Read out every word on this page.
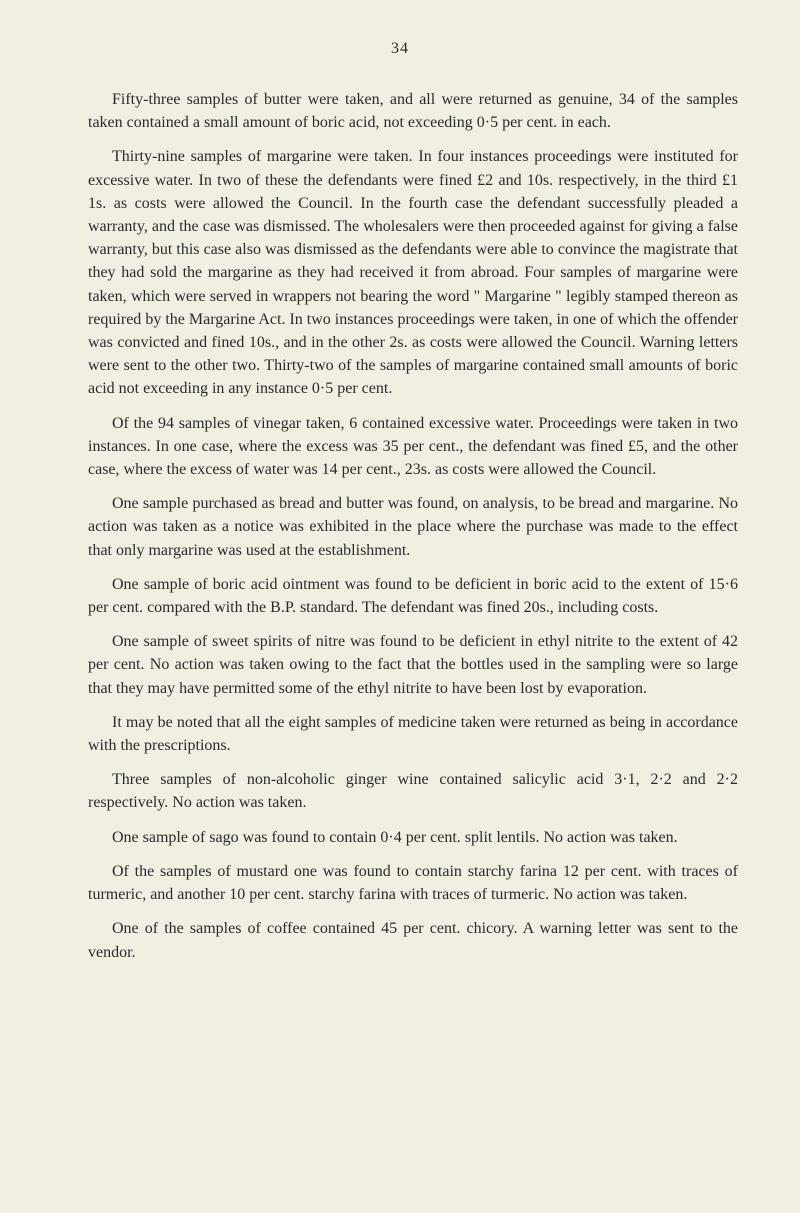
34

Fifty-three samples of butter were taken, and all were returned as genuine, 34 of the samples taken contained a small amount of boric acid, not exceeding 0·5 per cent. in each.

Thirty-nine samples of margarine were taken. In four instances proceedings were instituted for excessive water. In two of these the defendants were fined £2 and 10s. respectively, in the third £1 1s. as costs were allowed the Council. In the fourth case the defendant successfully pleaded a warranty, and the case was dismissed. The wholesalers were then proceeded against for giving a false warranty, but this case also was dismissed as the defendants were able to convince the magistrate that they had sold the margarine as they had received it from abroad. Four samples of margarine were taken, which were served in wrappers not bearing the word " Margarine " legibly stamped thereon as required by the Margarine Act. In two instances proceedings were taken, in one of which the offender was convicted and fined 10s., and in the other 2s. as costs were allowed the Council. Warning letters were sent to the other two. Thirty-two of the samples of margarine contained small amounts of boric acid not exceeding in any instance 0·5 per cent.

Of the 94 samples of vinegar taken, 6 contained excessive water. Proceedings were taken in two instances. In one case, where the excess was 35 per cent., the defendant was fined £5, and the other case, where the excess of water was 14 per cent., 23s. as costs were allowed the Council.

One sample purchased as bread and butter was found, on analysis, to be bread and margarine. No action was taken as a notice was exhibited in the place where the purchase was made to the effect that only margarine was used at the establishment.

One sample of boric acid ointment was found to be deficient in boric acid to the extent of 15·6 per cent. compared with the B.P. standard. The defendant was fined 20s., including costs.

One sample of sweet spirits of nitre was found to be deficient in ethyl nitrite to the extent of 42 per cent. No action was taken owing to the fact that the bottles used in the sampling were so large that they may have permitted some of the ethyl nitrite to have been lost by evaporation.

It may be noted that all the eight samples of medicine taken were returned as being in accordance with the prescriptions.

Three samples of non-alcoholic ginger wine contained salicylic acid 3·1, 2·2 and 2·2 respectively. No action was taken.

One sample of sago was found to contain 0·4 per cent. split lentils. No action was taken.

Of the samples of mustard one was found to contain starchy farina 12 per cent. with traces of turmeric, and another 10 per cent. starchy farina with traces of turmeric. No action was taken.

One of the samples of coffee contained 45 per cent. chicory. A warning letter was sent to the vendor.
